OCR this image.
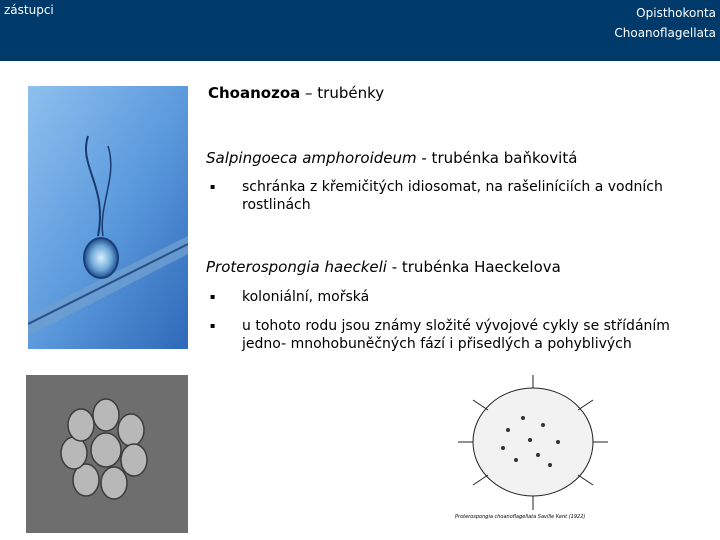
zástupci	Opisthokonta
Choanoflagellata
Proterospongia choanoflagellata Saville Kent (1922)
Choanozoa – trubénky
Salpingoeca amphoroideum - trubénka baňkovitá
▪ schránka z křemičitých idiosomat, na rašeliníciích a vodních rostlinách
Proterospongia haeckeli - trubénka Haeckelova
▪ koloniální, mořská
▪ u tohoto rodu jsou známy složité vývojové cykly se střídáním jedno- mnohobuněčných fází i přisedlých a pohyblivých
